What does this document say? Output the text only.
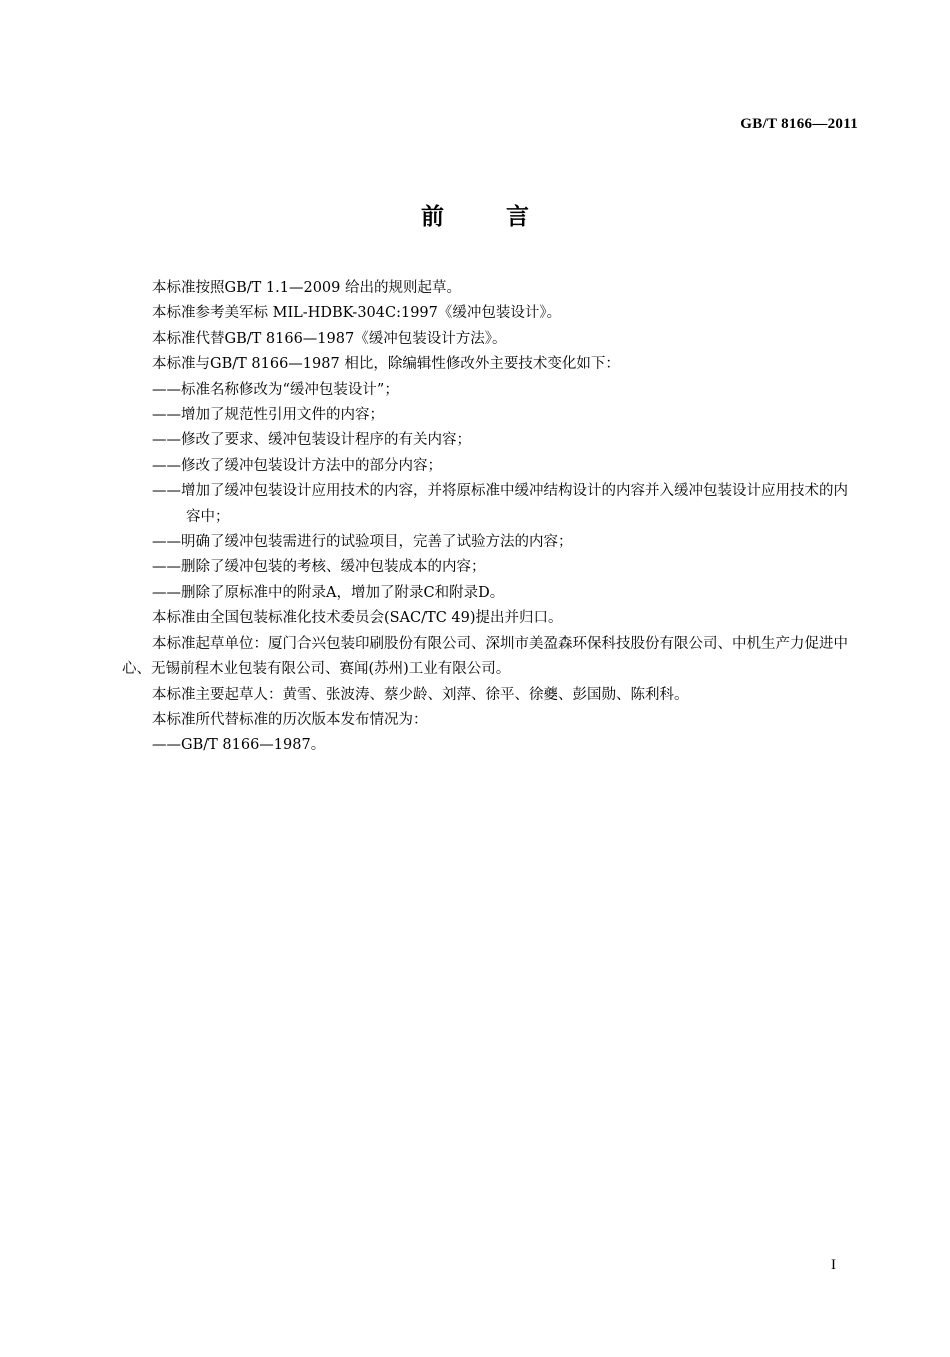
GB/T 8166—2011
前言

本标准按照GB/T 1.1—2009 给出的规则起草。

本标准参考美军标 MIL-HDBK-304C:1997《缓冲包装设计》。

本标准代替GB/T 8166—1987《缓冲包装设计方法》。

本标准与GB/T 8166—1987 相比，除编辑性修改外主要技术变化如下：

——标准名称修改为“缓冲包装设计”；

——增加了规范性引用文件的内容；

——修改了要求、缓冲包装设计程序的有关内容；

——修改了缓冲包装设计方法中的部分内容；

——增加了缓冲包装设计应用技术的内容，并将原标准中缓冲结构设计的内容并入缓冲包装设计应用技术的内容中；

——明确了缓冲包装需进行的试验项目，完善了试验方法的内容；

——删除了缓冲包装的考核、缓冲包装成本的内容；

——删除了原标准中的附录A，增加了附录C和附录D。

本标准由全国包装标准化技术委员会(SAC/TC 49)提出并归口。

本标准起草单位：厦门合兴包装印刷股份有限公司、深圳市美盈森环保科技股份有限公司、中机生产力促进中心、无锡前程木业包装有限公司、赛闻(苏州)工业有限公司。

本标准主要起草人：黄雪、张波涛、蔡少龄、刘萍、徐平、徐夔、彭国勋、陈利科。

本标准所代替标准的历次版本发布情况为：

——GB/T 8166—1987。

I
